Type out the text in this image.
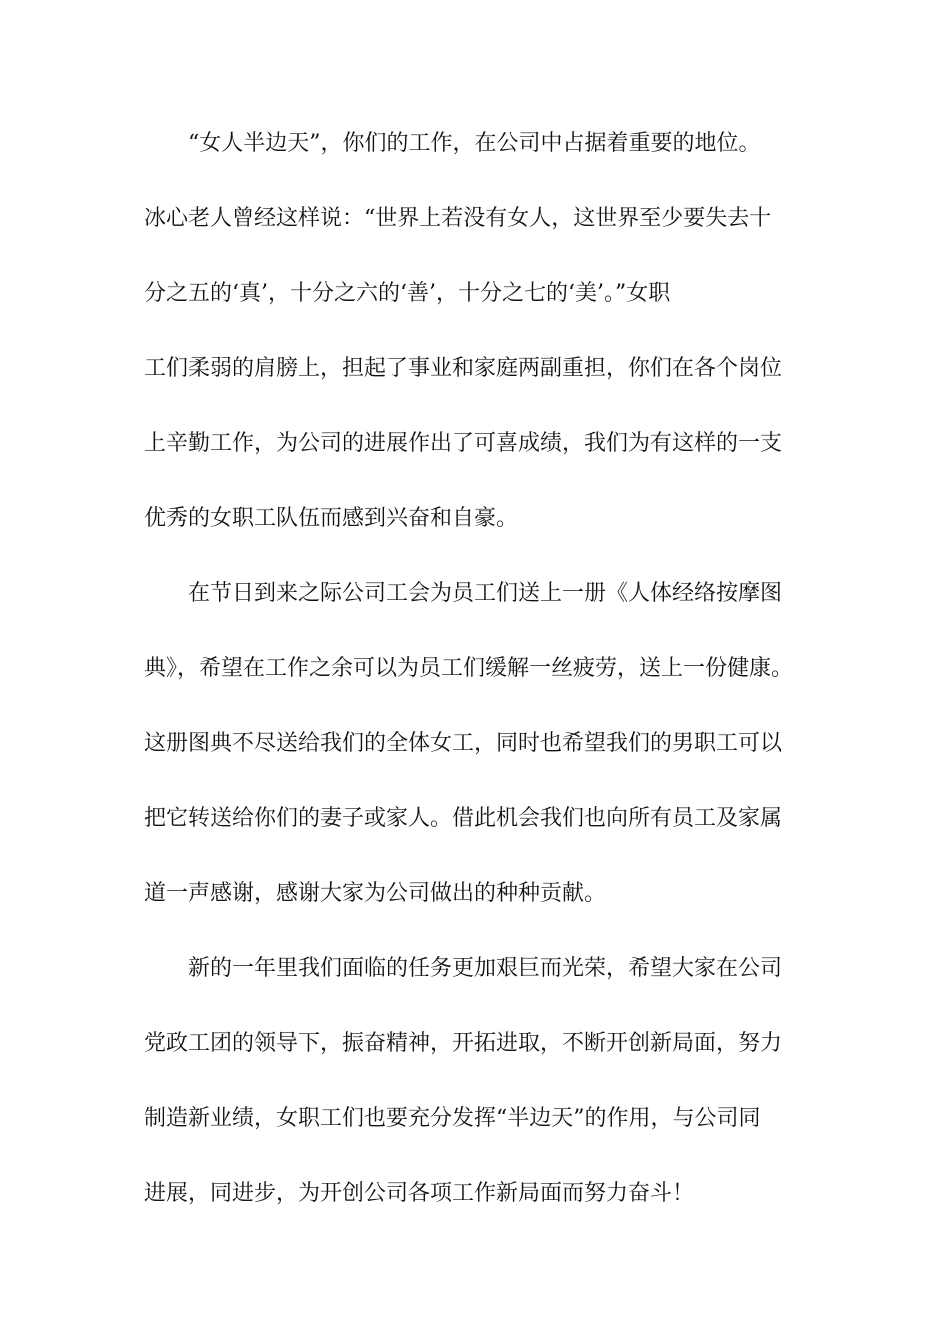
“女人半边天”，你们的工作，在公司中占据着重要的地位。
冰心老人曾经这样说：“世界上若没有女人，这世界至少要失去十
分之五的‘真’，十分之六的‘善’，十分之七的‘美’。”女职
工们柔弱的肩膀上，担起了事业和家庭两副重担，你们在各个岗位
上辛勤工作，为公司的进展作出了可喜成绩，我们为有这样的一支
优秀的女职工队伍而感到兴奋和自豪。
在节日到来之际公司工会为员工们送上一册《人体经络按摩图
典》，希望在工作之余可以为员工们缓解一丝疲劳，送上一份健康。
这册图典不尽送给我们的全体女工，同时也希望我们的男职工可以
把它转送给你们的妻子或家人。借此机会我们也向所有员工及家属
道一声感谢，感谢大家为公司做出的种种贡献。
新的一年里我们面临的任务更加艰巨而光荣，希望大家在公司
党政工团的领导下，振奋精神，开拓进取，不断开创新局面，努力
制造新业绩，女职工们也要充分发挥“半边天”的作用，与公司同
进展，同进步，为开创公司各项工作新局面而努力奋斗！
